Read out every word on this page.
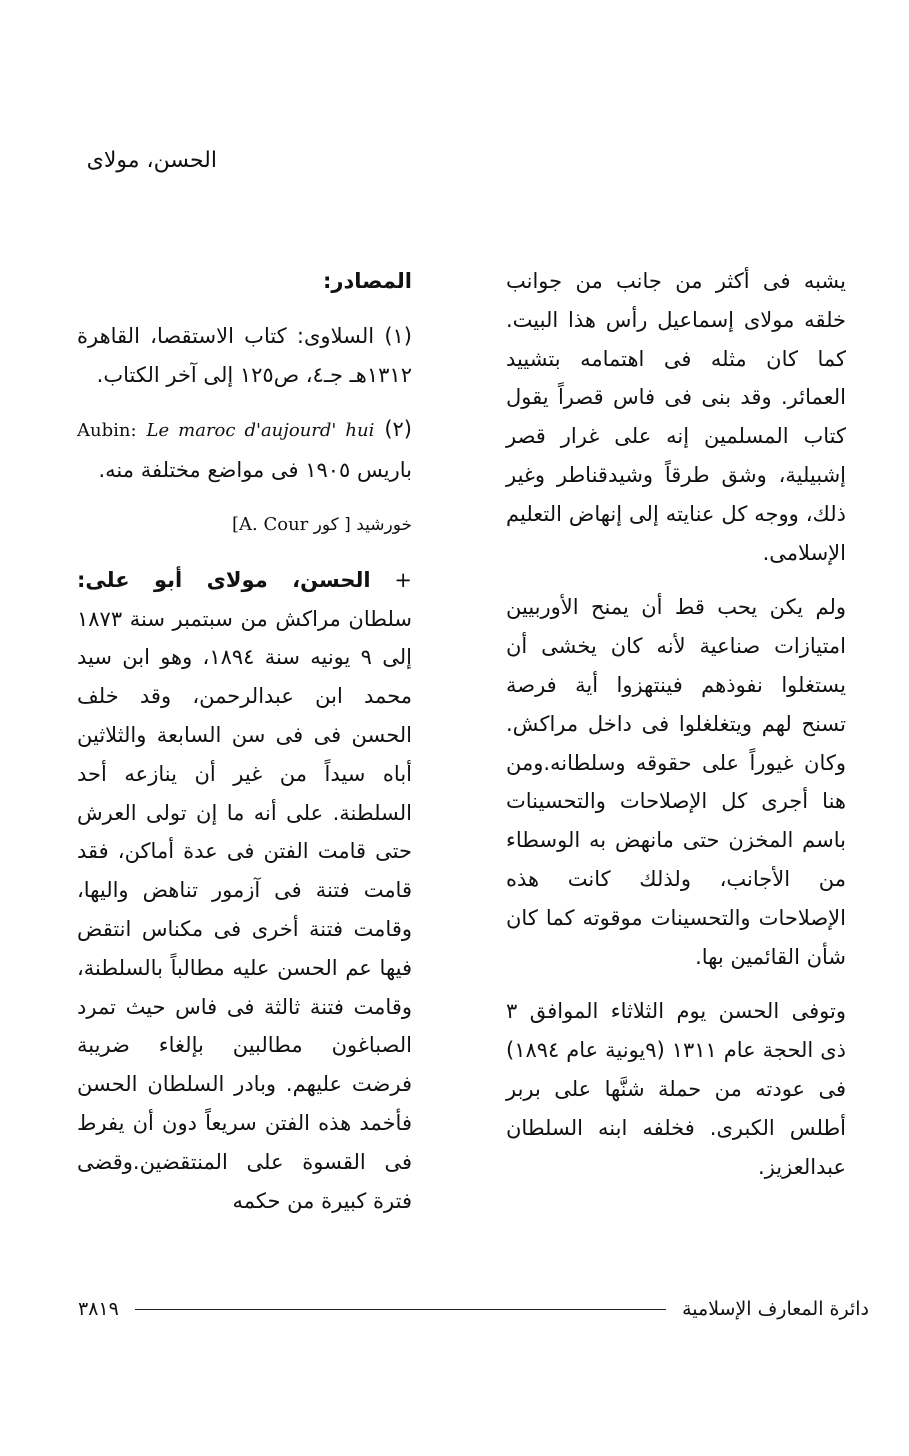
الحسن، مولاى

يشبه فى أكثر من جانب من جوانب خلقه مولاى إسماعيل رأس هذا البيت. كما كان مثله فى اهتمامه بتشييد العمائر. وقد بنى فى فاس قصراً يقول كتاب المسلمين إنه على غرار قصر إشبيلية، وشق طرقاً وشيدقناطر وغير ذلك، ووجه كل عنايته إلى إنهاض التعليم الإسلامى.

ولم يكن يحب قط أن يمنح الأوربيين امتيازات صناعية لأنه كان يخشى أن يستغلوا نفوذهم فينتهزوا أية فرصة تسنح لهم ويتغلغلوا فى داخل مراكش. وكان غيوراً على حقوقه وسلطانه.ومن هنا أجرى كل الإصلاحات والتحسينات باسم المخزن حتى مانهض به الوسطاء من الأجانب، ولذلك كانت هذه الإصلاحات والتحسينات موقوته كما كان شأن القائمين بها.

وتوفى الحسن يوم الثلاثاء الموافق ٣ ذى الحجة عام ١٣١١ (٩يونية عام ١٨٩٤) فى عودته من حملة شنَّها على بربر أطلس الكبرى. فخلفه ابنه السلطان عبدالعزيز.

المصادر:

(١) السلاوى: كتاب الاستقصا، القاهرة ١٣١٢هـ جـ٤، ص١٢٥ إلى آخر الكتاب.

(٢) Aubin: Le maroc d'aujourd' hui باريس ١٩٠٥ فى مواضع مختلفة منه.

خورشيد [ كور A. Cour]

+ الحسن، مولاى أبو على: سلطان مراكش من سبتمبر سنة ١٨٧٣ إلى ٩ يونيه سنة ١٨٩٤، وهو ابن سيد محمد ابن عبدالرحمن، وقد خلف الحسن فى فى سن السابعة والثلاثين أباه سيداً من غير أن ينازعه أحد السلطنة. على أنه ما إن تولى العرش حتى قامت الفتن فى عدة أماكن، فقد قامت فتنة فى آزمور تناهض واليها، وقامت فتنة أخرى فى مكناس انتقض فيها عم الحسن عليه مطالباً بالسلطنة، وقامت فتنة ثالثة فى فاس حيث تمرد الصباغون مطالبين بإلغاء ضريبة فرضت عليهم. وبادر السلطان الحسن فأخمد هذه الفتن سريعاً دون أن يفرط فى القسوة على المنتقضين.وقضى فترة كبيرة من حكمه

دائرة المعارف الإسلامية
٣٨١٩
